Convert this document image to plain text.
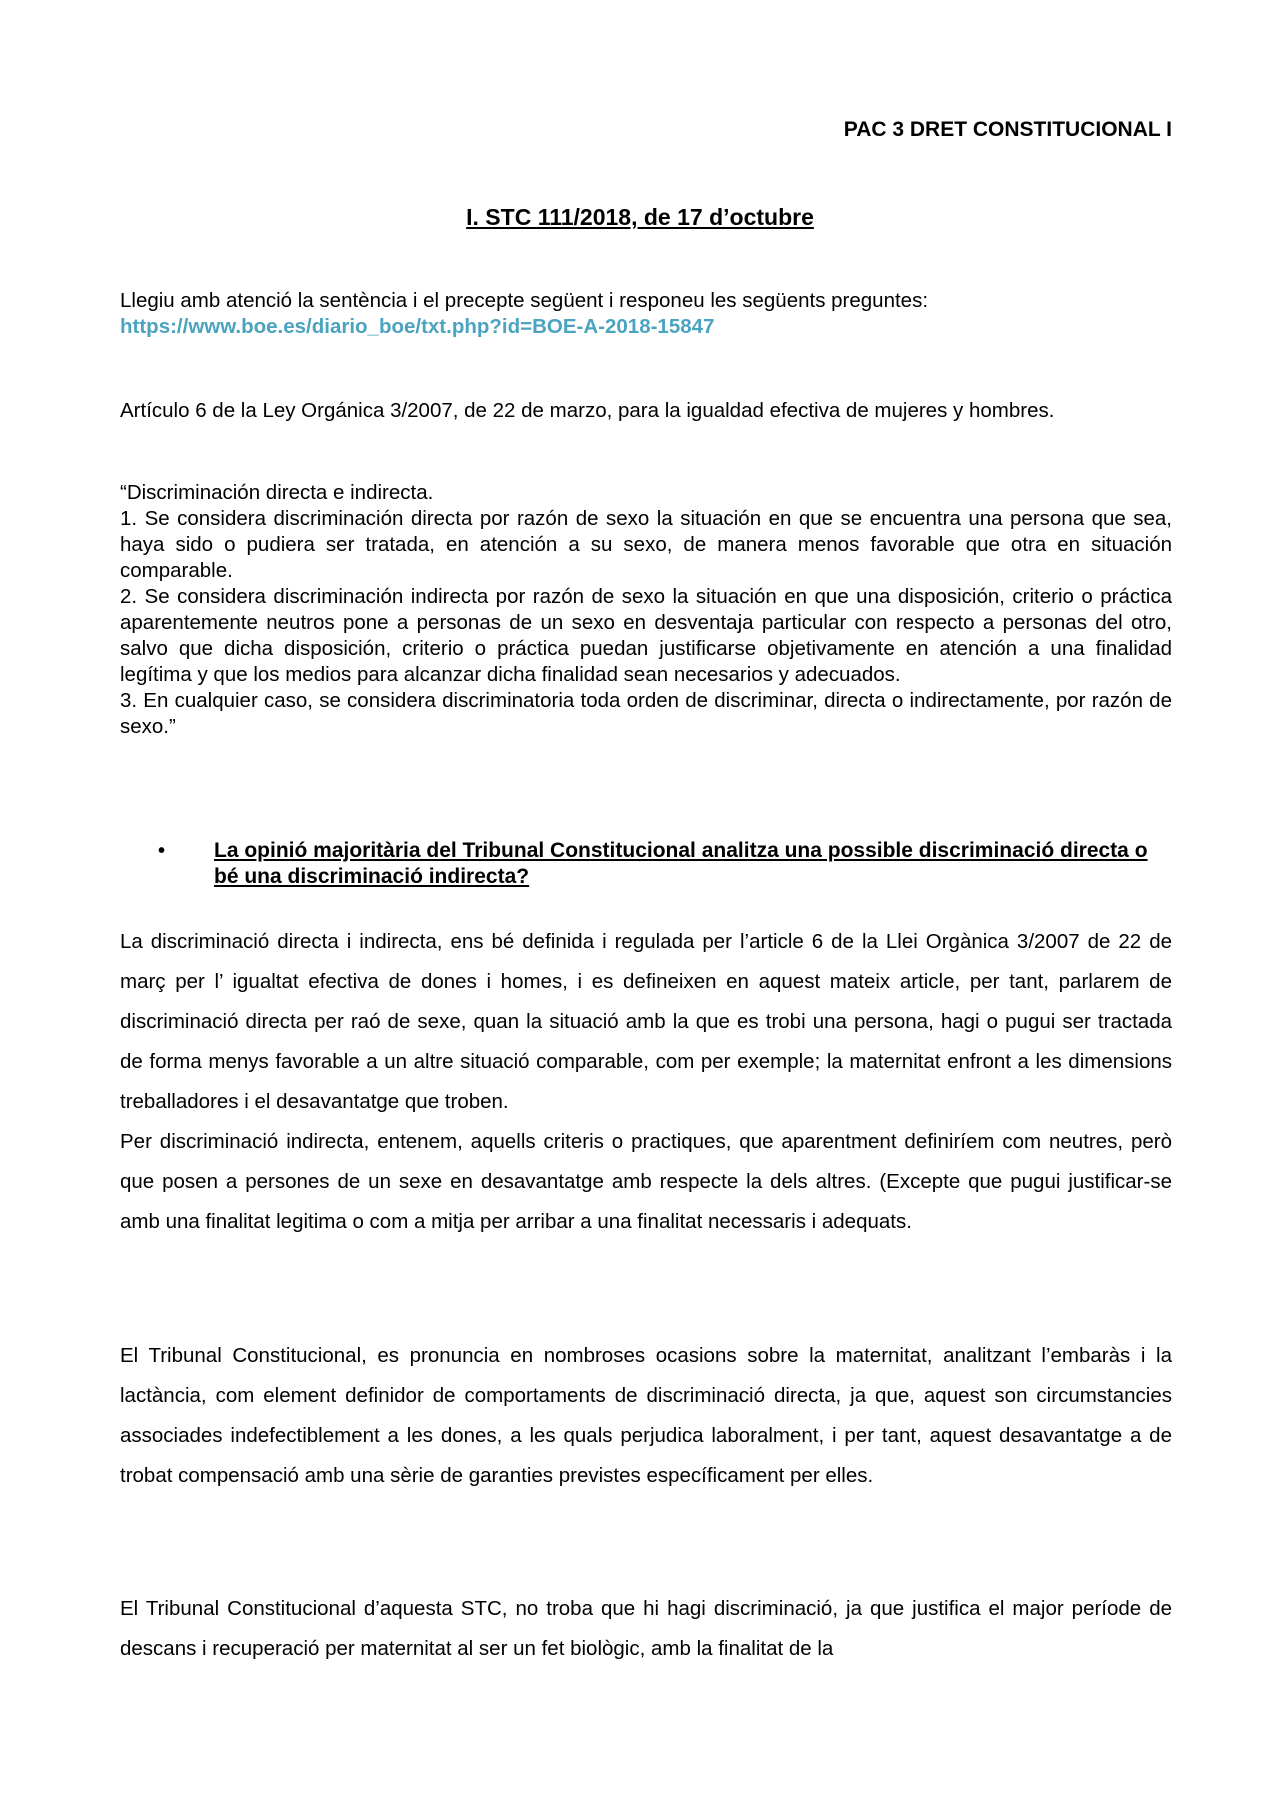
PAC 3 DRET CONSTITUCIONAL I
I. STC 111/2018, de 17 d’octubre
Llegiu amb atenció la sentència i el precepte següent i responeu les següents preguntes:
https://www.boe.es/diario_boe/txt.php?id=BOE-A-2018-15847
Artículo 6 de la Ley Orgánica 3/2007, de 22 de marzo, para la igualdad efectiva de mujeres y hombres.

“Discriminación directa e indirecta.

1. Se considera discriminación directa por razón de sexo la situación en que se encuentra una persona que sea, haya sido o pudiera ser tratada, en atención a su sexo, de manera menos favorable que otra en situación comparable.

2. Se considera discriminación indirecta por razón de sexo la situación en que una disposición, criterio o práctica aparentemente neutros pone a personas de un sexo en desventaja particular con respecto a personas del otro, salvo que dicha disposición, criterio o práctica puedan justificarse objetivamente en atención a una finalidad legítima y que los medios para alcanzar dicha finalidad sean necesarios y adecuados.

3. En cualquier caso, se considera discriminatoria toda orden de discriminar, directa o indirectamente, por razón de sexo.”

• La opinió majoritària del Tribunal Constitucional analitza una possible discriminació directa o bé una discriminació indirecta?

La discriminació directa i indirecta, ens bé definida i regulada per l’article 6 de la Llei Orgànica 3/2007 de 22 de març per l’ igualtat efectiva de dones i homes, i es defineixen en aquest mateix article, per tant, parlarem de discriminació directa per raó de sexe, quan la situació amb la que es trobi una persona, hagi o pugui ser tractada de forma menys favorable a un altre situació comparable, com per exemple; la maternitat enfront a les dimensions treballadores i el desavantatge que troben.

Per discriminació indirecta, entenem, aquells criteris o practiques, que aparentment definiríem com neutres, però que posen a persones de un sexe en desavantatge amb respecte la dels altres. (Excepte que pugui justificar-se amb una finalitat legitima o com a mitja per arribar a una finalitat necessaris i adequats.

El Tribunal Constitucional, es pronuncia en nombroses ocasions sobre la maternitat, analitzant l’embaràs i la lactància, com element definidor de comportaments de discriminació directa, ja que, aquest son circumstancies associades indefectiblement a les dones, a les quals perjudica laboralment, i per tant, aquest desavantatge a de trobat compensació amb una sèrie de garanties previstes específicament per elles.

El Tribunal Constitucional d’aquesta STC, no troba que hi hagi discriminació, ja que justifica el major període de descans i recuperació per maternitat al ser un fet biològic, amb la finalitat de la
